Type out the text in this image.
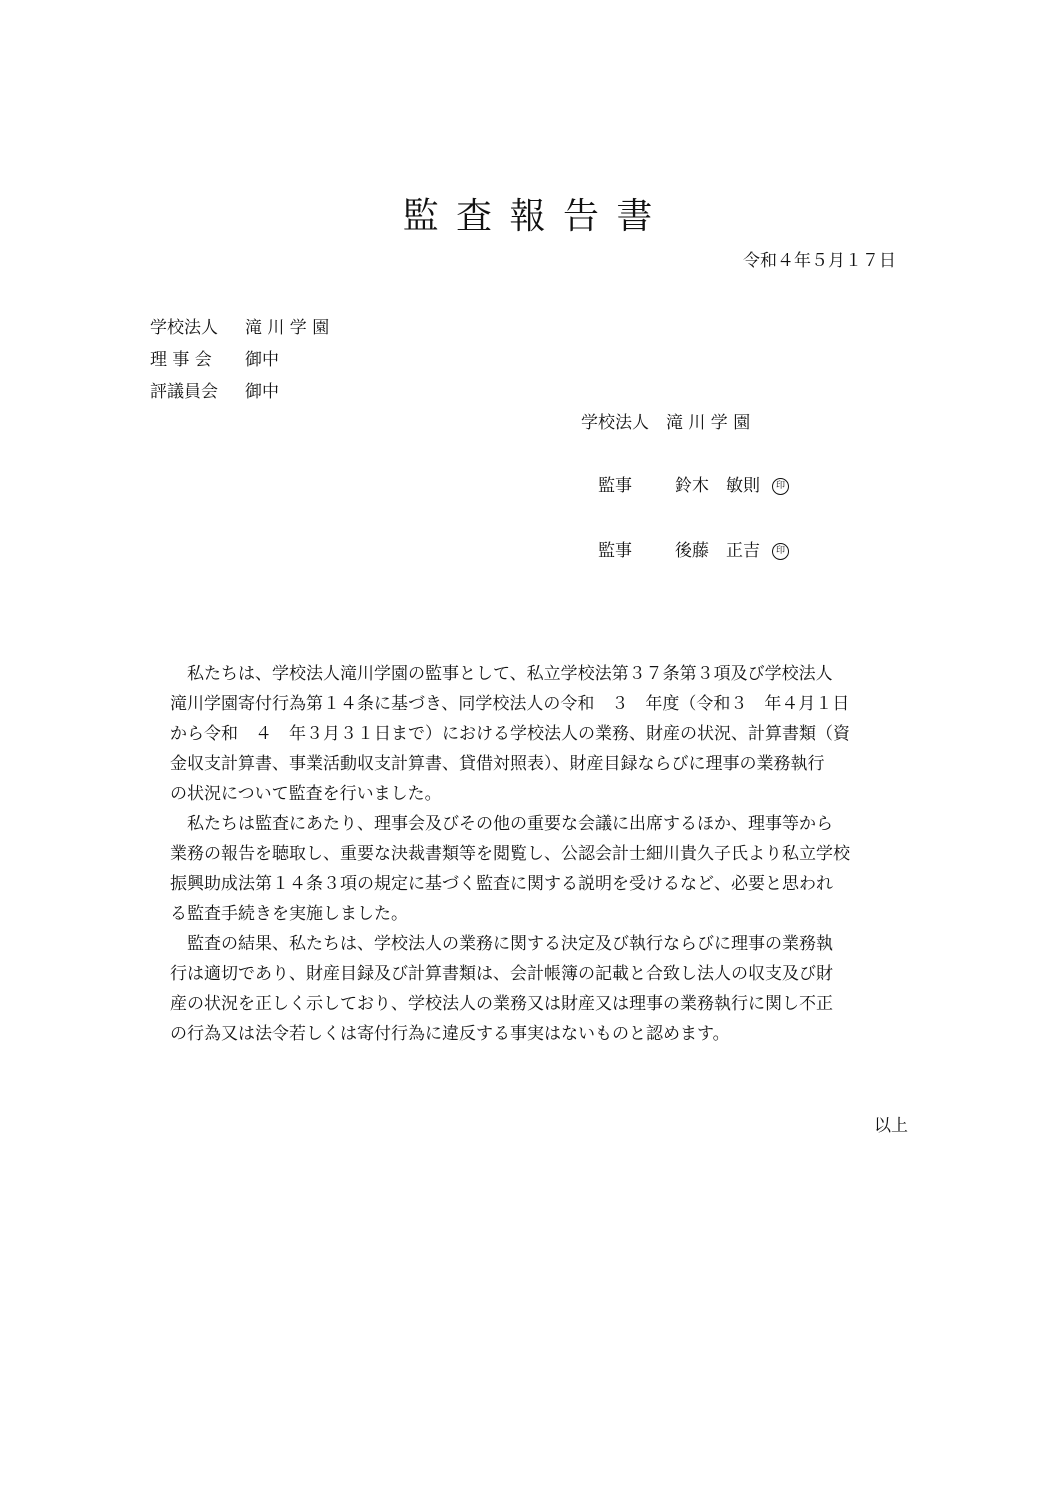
監 査 報 告 書
令和４年５月１７日
学校法人 滝 川 学 園
理 事 会 御中
評議員会 御中
学校法人　滝 川 学 園
監事	鈴木　敏則 印
監事	後藤　正吉 印

　私たちは、学校法人滝川学園の監事として、私立学校法第３７条第３項及び学校法人

滝川学園寄付行為第１４条に基づき、同学校法人の令和　３　年度（令和３　年４月１日

から令和　４　年３月３１日まで）における学校法人の業務、財産の状況、計算書類（資

金収支計算書、事業活動収支計算書、貸借対照表）、財産目録ならびに理事の業務執行

の状況について監査を行いました。

　私たちは監査にあたり、理事会及びその他の重要な会議に出席するほか、理事等から

業務の報告を聴取し、重要な決裁書類等を閲覧し、公認会計士細川貴久子氏より私立学校

振興助成法第１４条３項の規定に基づく監査に関する説明を受けるなど、必要と思われ

る監査手続きを実施しました。

　監査の結果、私たちは、学校法人の業務に関する決定及び執行ならびに理事の業務執

行は適切であり、財産目録及び計算書類は、会計帳簿の記載と合致し法人の収支及び財

産の状況を正しく示しており、学校法人の業務又は財産又は理事の業務執行に関し不正

の行為又は法令若しくは寄付行為に違反する事実はないものと認めます。

以上
